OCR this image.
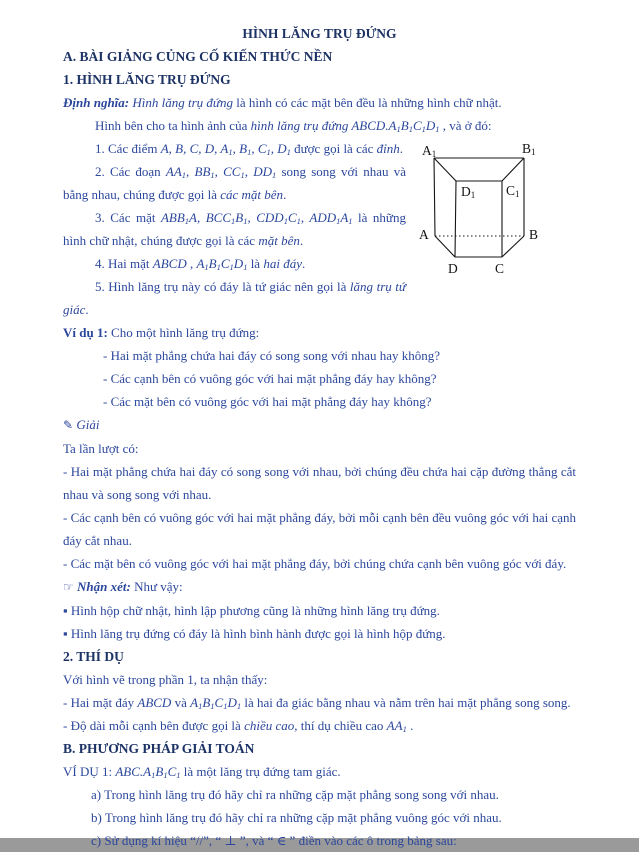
HÌNH LĂNG TRỤ ĐỨNG

A. BÀI GIẢNG CỦNG CỐ KIẾN THỨC NỀN

1. HÌNH LĂNG TRỤ ĐỨNG

Định nghĩa: Hình lăng trụ đứng là hình có các mặt bên đều là những hình chữ nhật.

Hình bên cho ta hình ảnh của hình lăng trụ đứng $ABCD.A_1B_1C_1D_1$ , và ở đó:

$A_1$	$B_1$
$D_1$ $C_1$
A	B
D	C

1. Các điểm A, B, C, D, $A_1$, $B_1$, $C_1$, $D_1$ được gọi là các đỉnh.

2. Các đoạn $AA_1$, $BB_1$, $CC_1$, $DD_1$ song song với nhau và bằng nhau, chúng được gọi là các mặt bên.

3. Các mặt $ABB_1A$, $BCC_1B_1$, $CDD_1C_1$, $ADD_1A_1$ là những hình chữ nhật, chúng được gọi là các mặt bên.

4. Hai mặt ABCD , $A_1B_1C_1D_1$ là hai đáy.

5. Hình lăng trụ này có đáy là tứ giác nên gọi là lăng trụ tứ giác.

Ví dụ 1: Cho một hình lăng trụ đứng:

- Hai mặt phẳng chứa hai đáy có song song với nhau hay không?

- Các cạnh bên có vuông góc với hai mặt phẳng đáy hay không?

- Các mặt bên có vuông góc với hai mặt phẳng đáy hay không?

✎ Giải

Ta lần lượt có:

- Hai mặt phẳng chứa hai đáy có song song với nhau, bởi chúng đều chứa hai cặp đường thẳng cắt nhau và song song với nhau.

- Các cạnh bên có vuông góc với hai mặt phẳng đáy, bởi mỗi cạnh bên đều vuông góc với hai cạnh đáy cắt nhau.

- Các mặt bên có vuông góc với hai mặt phẳng đáy, bởi chúng chứa cạnh bên vuông góc với đáy.

☞ Nhận xét: Như vậy:

▪ Hình hộp chữ nhật, hình lập phương cũng là những hình lăng trụ đứng.

▪ Hình lăng trụ đứng có đáy là hình bình hành được gọi là hình hộp đứng.

2. THÍ DỤ

Với hình vẽ trong phần 1, ta nhận thấy:

- Hai mặt đáy ABCD và $A_1B_1C_1D_1$ là hai đa giác bằng nhau và nằm trên hai mặt phẳng song song.

- Độ dài mỗi cạnh bên được gọi là chiều cao, thí dụ chiều cao $AA_1$ .

B. PHƯƠNG PHÁP GIẢI TOÁN

VÍ DỤ 1: $ABC.A_1B_1C_1$ là một lăng trụ đứng tam giác.

a) Trong hình lăng trụ đó hãy chỉ ra những cặp mặt phẳng song song với nhau.

b) Trong hình lăng trụ đó hãy chỉ ra những cặp mặt phẳng vuông góc với nhau.

c) Sử dụng kí hiệu “//”, “ ⊥ ”, và “ ∈ ” điền vào các ô trong bảng sau:
